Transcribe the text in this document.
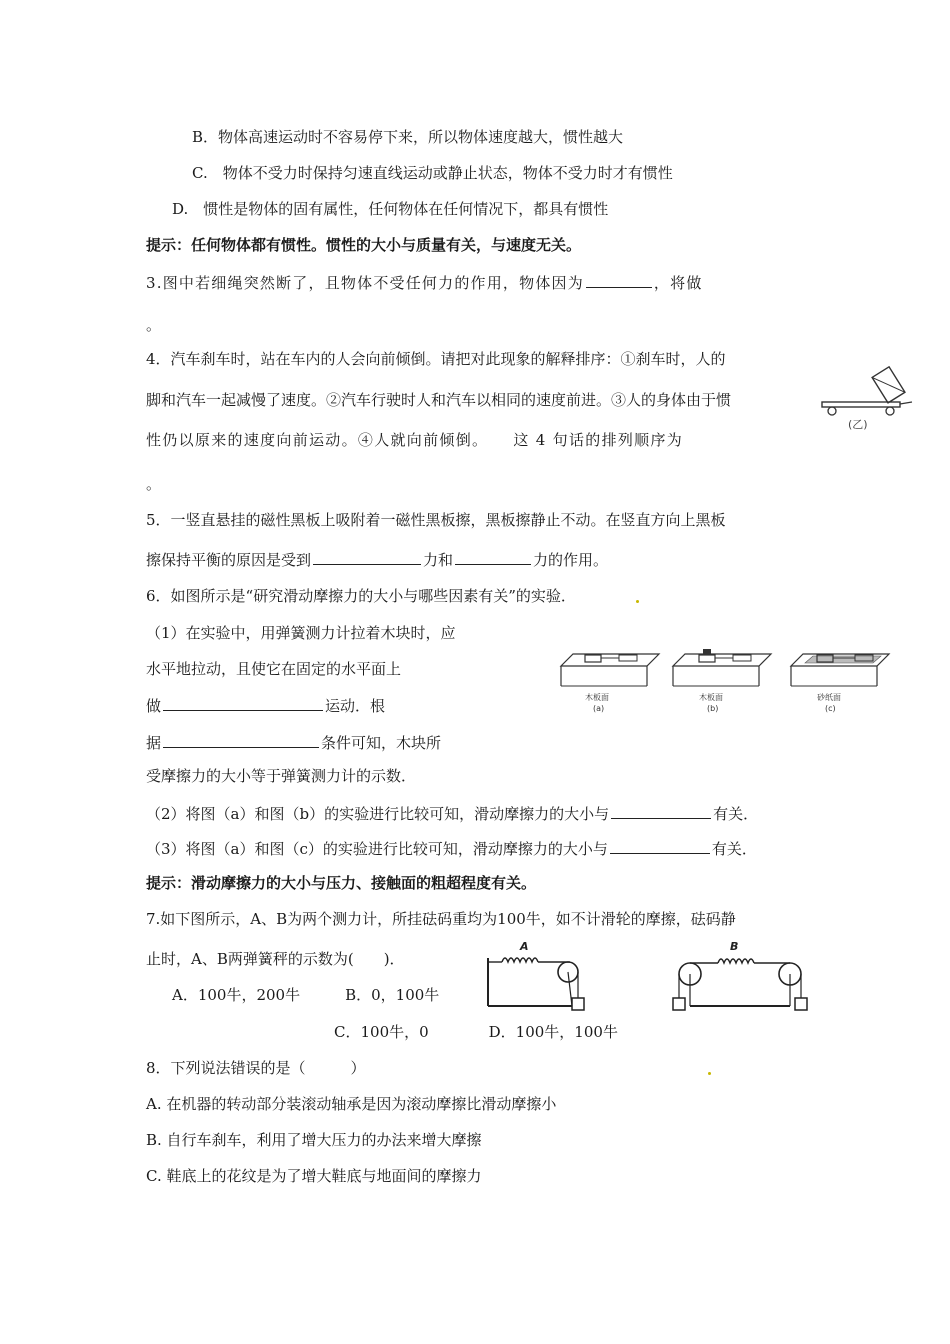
B．物体高速运动时不容易停下来，所以物体速度越大，惯性越大
C.　物体不受力时保持匀速直线运动或静止状态，物体不受力时才有惯性
D.　惯性是物体的固有属性，任何物体在任何情况下，都具有惯性
提示：任何物体都有惯性。惯性的大小与质量有关，与速度无关。
3.图中若细绳突然断了，且物体不受任何力的作用，物体因为	，将做
。
4．汽车刹车时，站在车内的人会向前倾倒。请把对此现象的解释排序：①刹车时，人的
脚和汽车一起减慢了速度。②汽车行驶时人和汽车以相同的速度前进。③人的身体由于惯
性仍以原来的速度向前运动。④人就向前倾倒。　　这 4 句话的排列顺序为
。
(乙)
5．一竖直悬挂的磁性黑板上吸附着一磁性黑板擦，黑板擦静止不动。在竖直方向上黑板
擦保持平衡的原因是受到	力和	力的作用。
6．如图所示是“研究滑动摩擦力的大小与哪些因素有关”的实验．
（1）在实验中，用弹簧测力计拉着木块时，应
水平地拉动，且使它在固定的水平面上
做	运动．根
据	条件可知，木块所
受摩擦力的大小等于弹簧测力计的示数．
（2）将图（a）和图（b）的实验进行比较可知，滑动摩擦力的大小与	有关．
（3）将图（a）和图（c）的实验进行比较可知，滑动摩擦力的大小与	有关．
提示：滑动摩擦力的大小与压力、接触面的粗超程度有关。
木板面
(a)
木板面
(b)
砂纸面
(c)
7.如下图所示，A、B为两个测力计，所挂砝码重均为100牛，如不计滑轮的摩擦，砝码静
止时，A、B两弹簧秤的示数为(　　)．
A．100牛，200牛　　　B．0，100牛
C．100牛，0　　　　D．100牛，100牛
A	B
8．下列说法错误的是（　　　）
A. 在机器的转动部分装滚动轴承是因为滚动摩擦比滑动摩擦小
B. 自行车刹车，利用了增大压力的办法来增大摩擦
C. 鞋底上的花纹是为了增大鞋底与地面间的摩擦力
